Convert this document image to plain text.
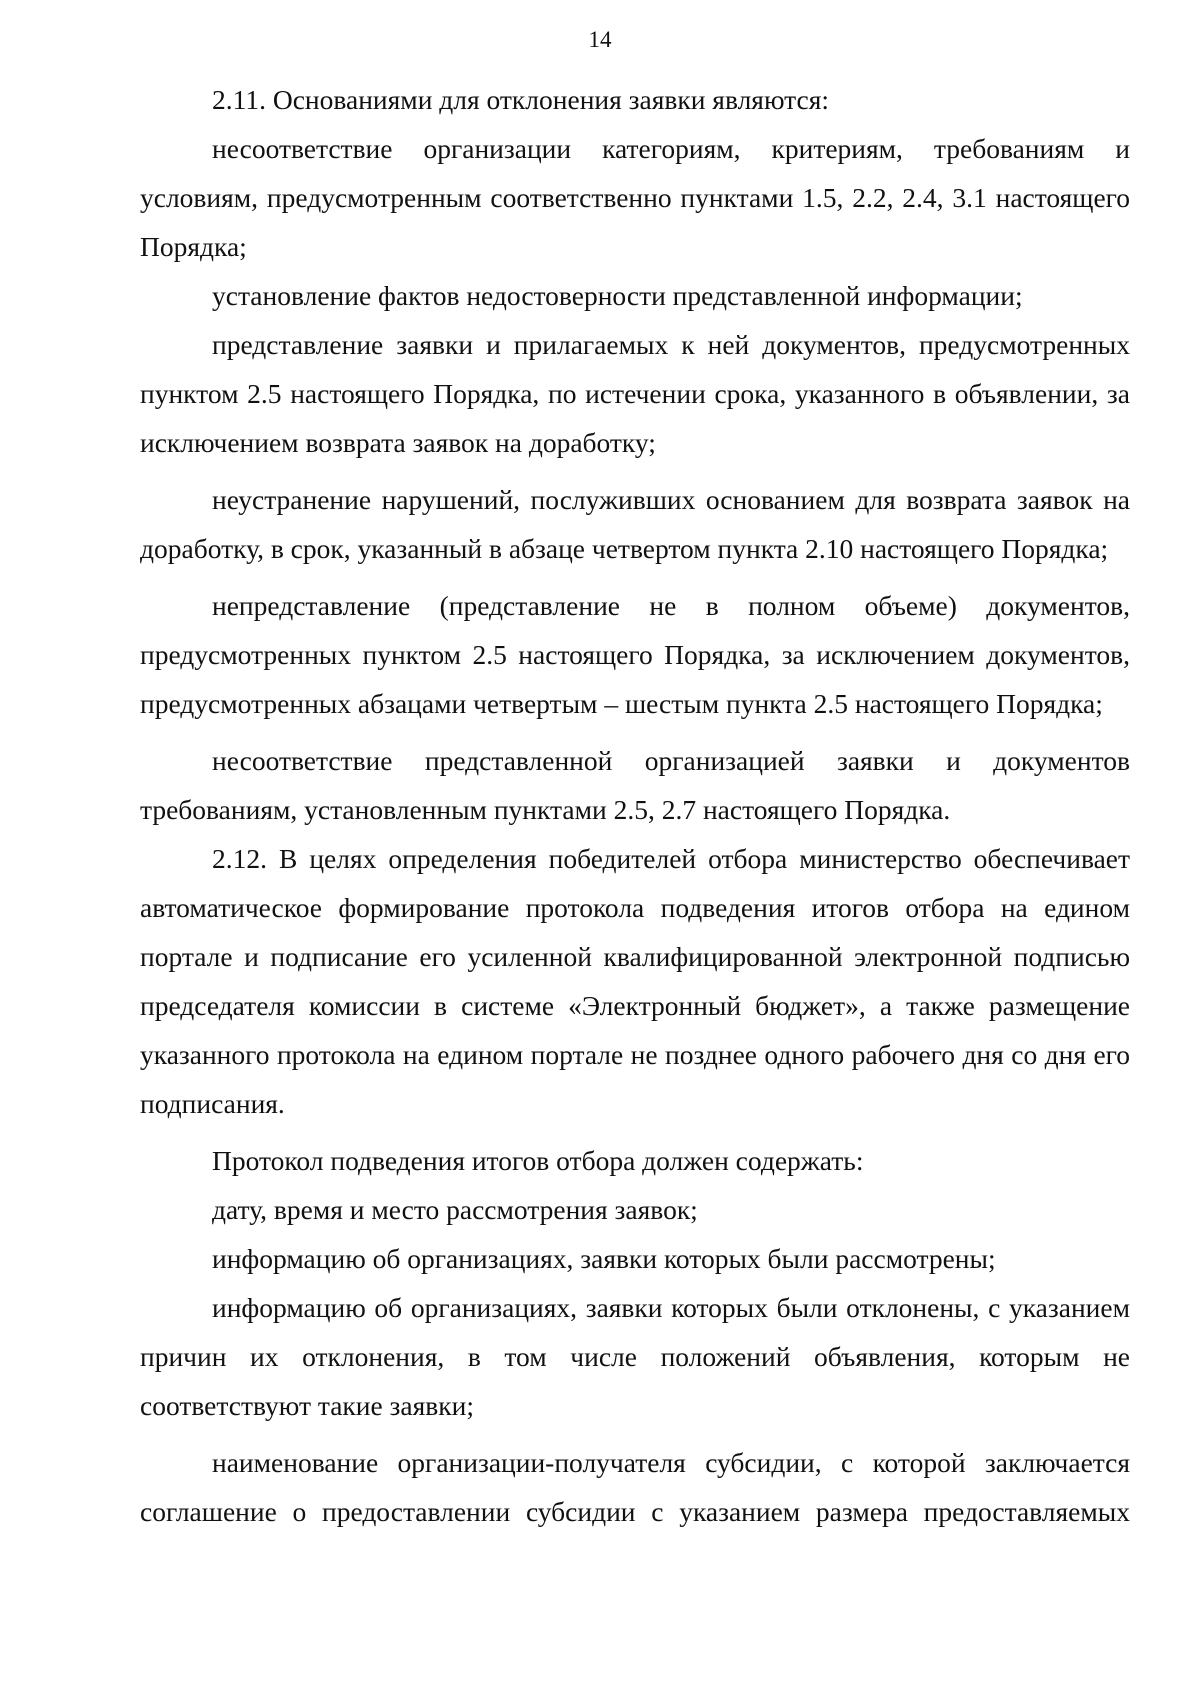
14

2.11. Основаниями для отклонения заявки являются:

несоответствие организации категориям, критериям, требованиям и условиям, предусмотренным соответственно пунктами 1.5, 2.2, 2.4, 3.1 настоящего Порядка;

установление фактов недостоверности представленной информации;

представление заявки и прилагаемых к ней документов, предусмотренных пунктом 2.5 настоящего Порядка, по истечении срока, указанного в объявлении, за исключением возврата заявок на доработку;

неустранение нарушений, послуживших основанием для возврата заявок на доработку, в срок, указанный в абзаце четвертом пункта 2.10 настоящего Порядка;

непредставление (представление не в полном объеме) документов, предусмотренных пунктом 2.5 настоящего Порядка, за исключением документов, предусмотренных абзацами четвертым – шестым пункта 2.5 настоящего Порядка;

несоответствие представленной организацией заявки и документов требованиям, установленным пунктами 2.5, 2.7 настоящего Порядка.

2.12. В целях определения победителей отбора министерство обеспечивает автоматическое формирование протокола подведения итогов отбора на едином портале и подписание его усиленной квалифицированной электронной подписью председателя комиссии в системе «Электронный бюджет», а также размещение указанного протокола на едином портале не позднее одного рабочего дня со дня его подписания.

Протокол подведения итогов отбора должен содержать:

дату, время и место рассмотрения заявок;

информацию об организациях, заявки которых были рассмотрены;

информацию об организациях, заявки которых были отклонены, с указанием причин их отклонения, в том числе положений объявления, которым не соответствуют такие заявки;

наименование организации-получателя субсидии, с которой заключается соглашение о предоставлении субсидии с указанием размера предоставляемых
